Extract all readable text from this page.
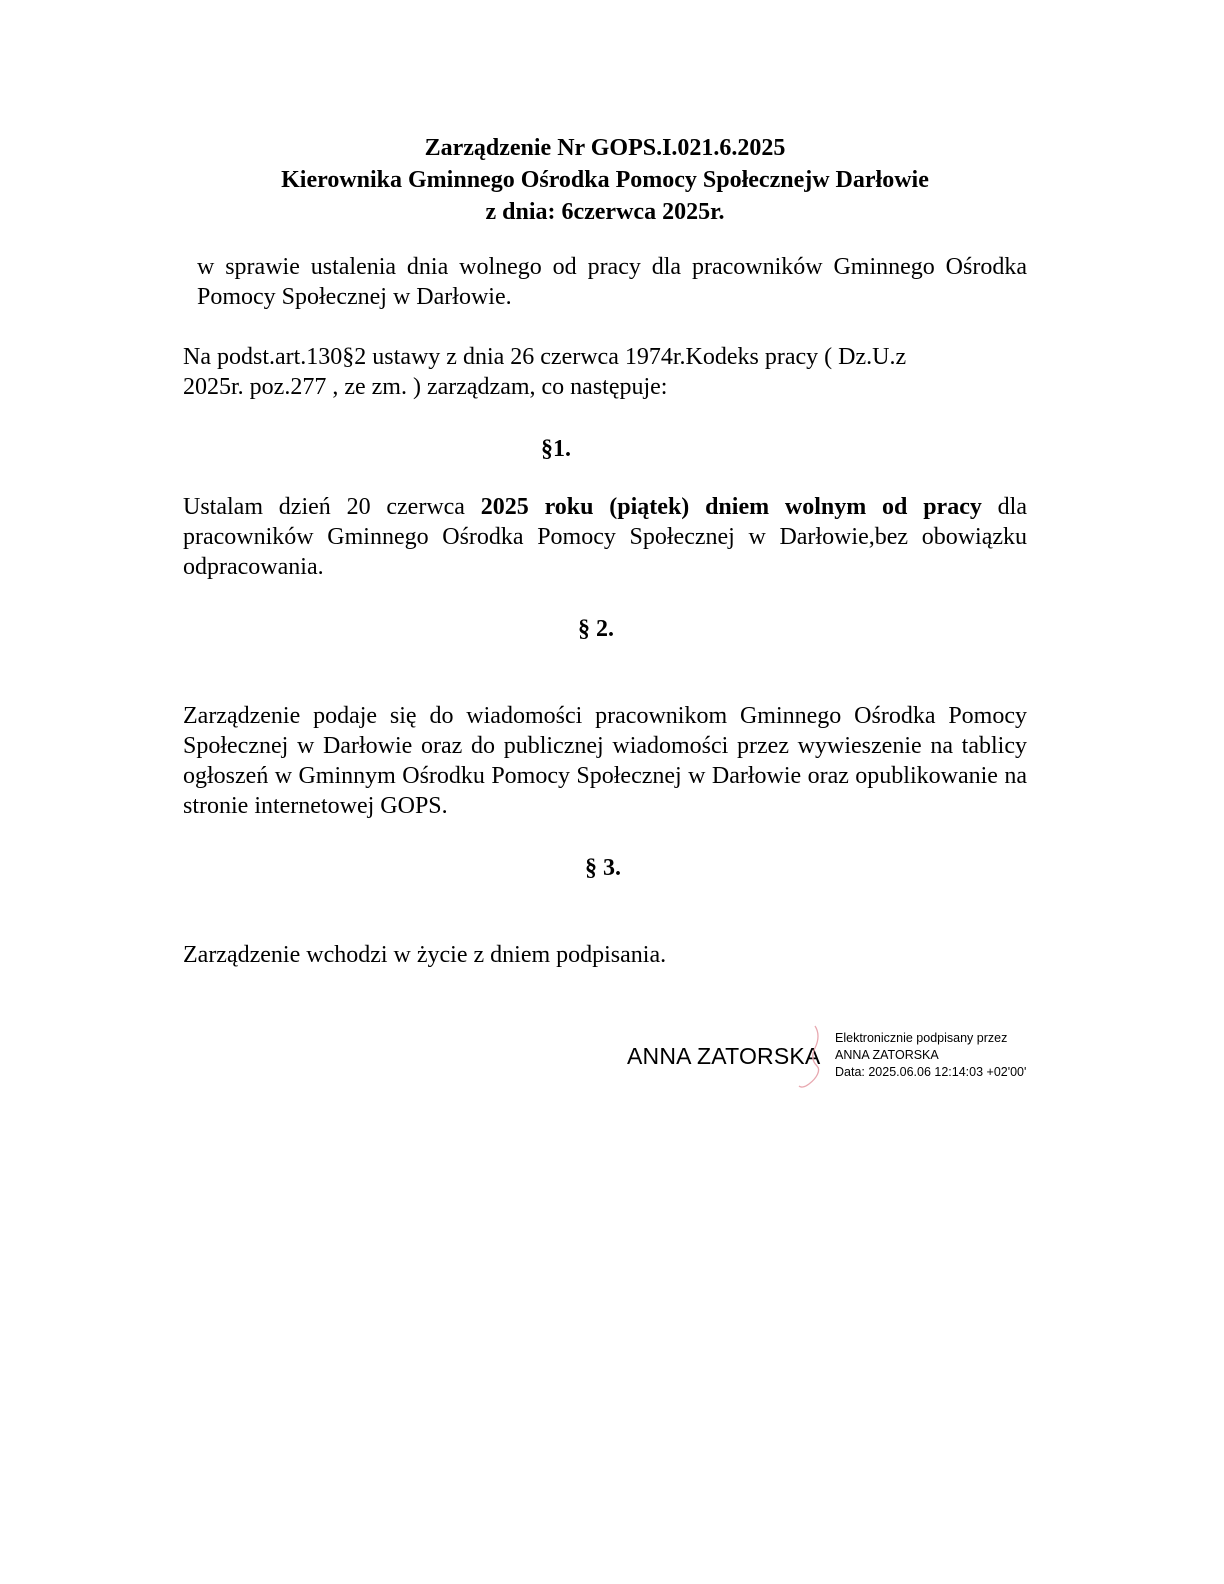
Zarządzenie Nr GOPS.I.021.6.2025
Kierownika Gminnego Ośrodka Pomocy Społecznejw Darłowie
z dnia: 6czerwca 2025r.
w sprawie ustalenia dnia wolnego od pracy dla pracowników Gminnego Ośrodka Pomocy Społecznej w Darłowie.
Na podst.art.130§2 ustawy z dnia 26 czerwca 1974r.Kodeks pracy ( Dz.U.z
2025r. poz.277 , ze zm. ) zarządzam, co następuje:
§1.
Ustalam dzień 20 czerwca 2025 roku (piątek) dniem wolnym od pracy dla pracowników Gminnego Ośrodka Pomocy Społecznej w Darłowie,bez obowiązku odpracowania.
§ 2.
Zarządzenie podaje się do wiadomości pracownikom Gminnego Ośrodka Pomocy Społecznej w Darłowie oraz do publicznej wiadomości przez wywieszenie na tablicy ogłoszeń w Gminnym Ośrodku Pomocy Społecznej w Darłowie oraz opublikowanie na stronie internetowej GOPS.
§ 3.
Zarządzenie wchodzi w życie z dniem podpisania.
ANNA ZATORSKA
Elektronicznie podpisany przez
ANNA ZATORSKA
Data: 2025.06.06 12:14:03 +02'00'
